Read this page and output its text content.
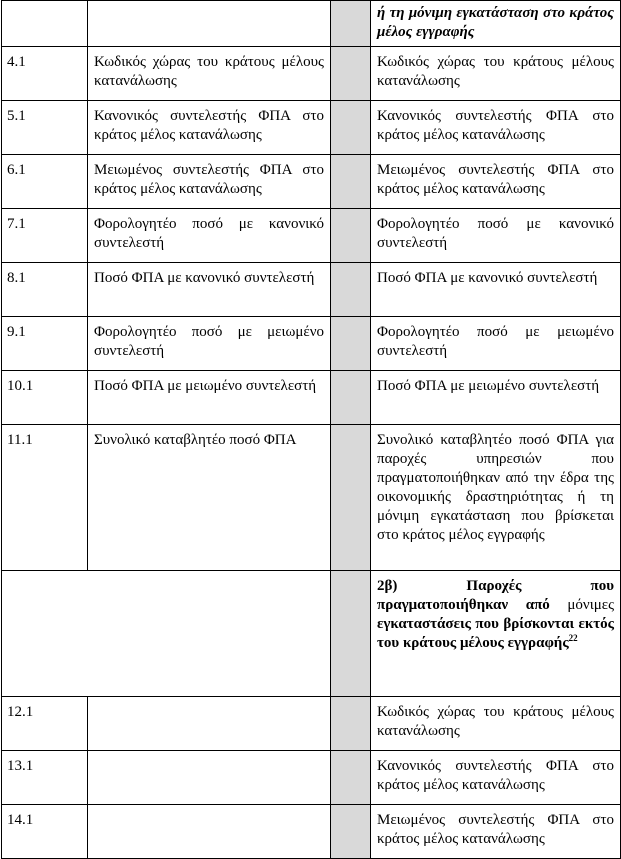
			ή τη μόνιμη εγκατάσταση στο κράτος μέλος εγγραφής
4.1	Κωδικός χώρας του κράτους μέλους κατανάλωσης		Κωδικός χώρας του κράτους μέλους κατανάλωσης
5.1	Κανονικός συντελεστής ΦΠΑ στο κράτος μέλος κατανάλωσης		Κανονικός συντελεστής ΦΠΑ στο κράτος μέλος κατανάλωσης
6.1	Μειωμένος συντελεστής ΦΠΑ στο κράτος μέλος κατανάλωσης		Μειωμένος συντελεστής ΦΠΑ στο κράτος μέλος κατανάλωσης
7.1	Φορολογητέο ποσό με κανονικό συντελεστή		Φορολογητέο ποσό με κανονικό συντελεστή
8.1	Ποσό ΦΠΑ με κανονικό συντελεστή		Ποσό ΦΠΑ με κανονικό συντελεστή
9.1	Φορολογητέο ποσό με μειωμένο συντελεστή		Φορολογητέο ποσό με μειωμένο συντελεστή
10.1	Ποσό ΦΠΑ με μειωμένο συντελεστή		Ποσό ΦΠΑ με μειωμένο συντελεστή
11.1	Συνολικό καταβλητέο ποσό ΦΠΑ		Συνολικό καταβλητέο ποσό ΦΠΑ για παροχές υπηρεσιών που πραγματοποιήθηκαν από την έδρα της οικονομικής δραστηριότητας ή τη μόνιμη εγκατάσταση που βρίσκεται στο κράτος μέλος εγγραφής
			2β) Παροχές που πραγματοποιήθηκαν από μόνιμες εγκαταστάσεις που βρίσκονται εκτός του κράτους μέλους εγγραφής$^{22}$
12.1			Κωδικός χώρας του κράτους μέλους κατανάλωσης
13.1			Κανονικός συντελεστής ΦΠΑ στο κράτος μέλος κατανάλωσης
14.1			Μειωμένος συντελεστής ΦΠΑ στο κράτος μέλος κατανάλωσης
